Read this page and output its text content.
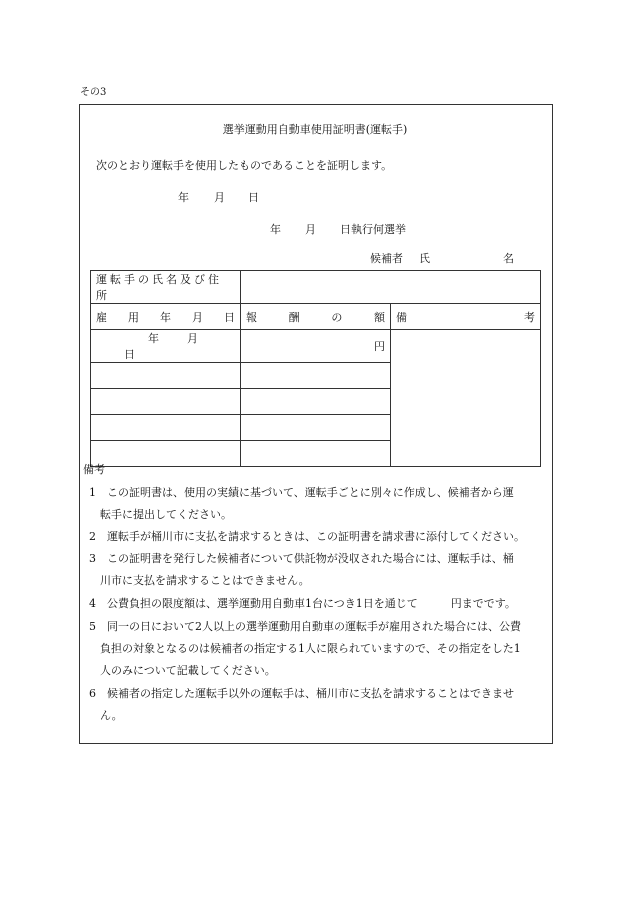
その3
選挙運動用自動車使用証明書(運転手)
次のとおり運転手を使用したものであることを証明します。
年 月 日
年 月 日執行何選挙
候補者 氏	名
運転手の氏名及び住所		

雇 用 年 月 日	報 酬 の 額	備 考

年 月日	円	

備考
1　この証明書は、使用の実績に基づいて、運転手ごとに別々に作成し、候補者から運
転手に提出してください。
2　運転手が桶川市に支払を請求するときは、この証明書を請求書に添付してください。
3　この証明書を発行した候補者について供託物が没収された場合には、運転手は、桶
川市に支払を請求することはできません。
4　公費負担の限度額は、選挙運動用自動車1台につき1日を通じて　　　円までです。
5　同一の日において2人以上の選挙運動用自動車の運転手が雇用された場合には、公費
負担の対象となるのは候補者の指定する1人に限られていますので、その指定をした1
人のみについて記載してください。
6　候補者の指定した運転手以外の運転手は、桶川市に支払を請求することはできませ
ん。
